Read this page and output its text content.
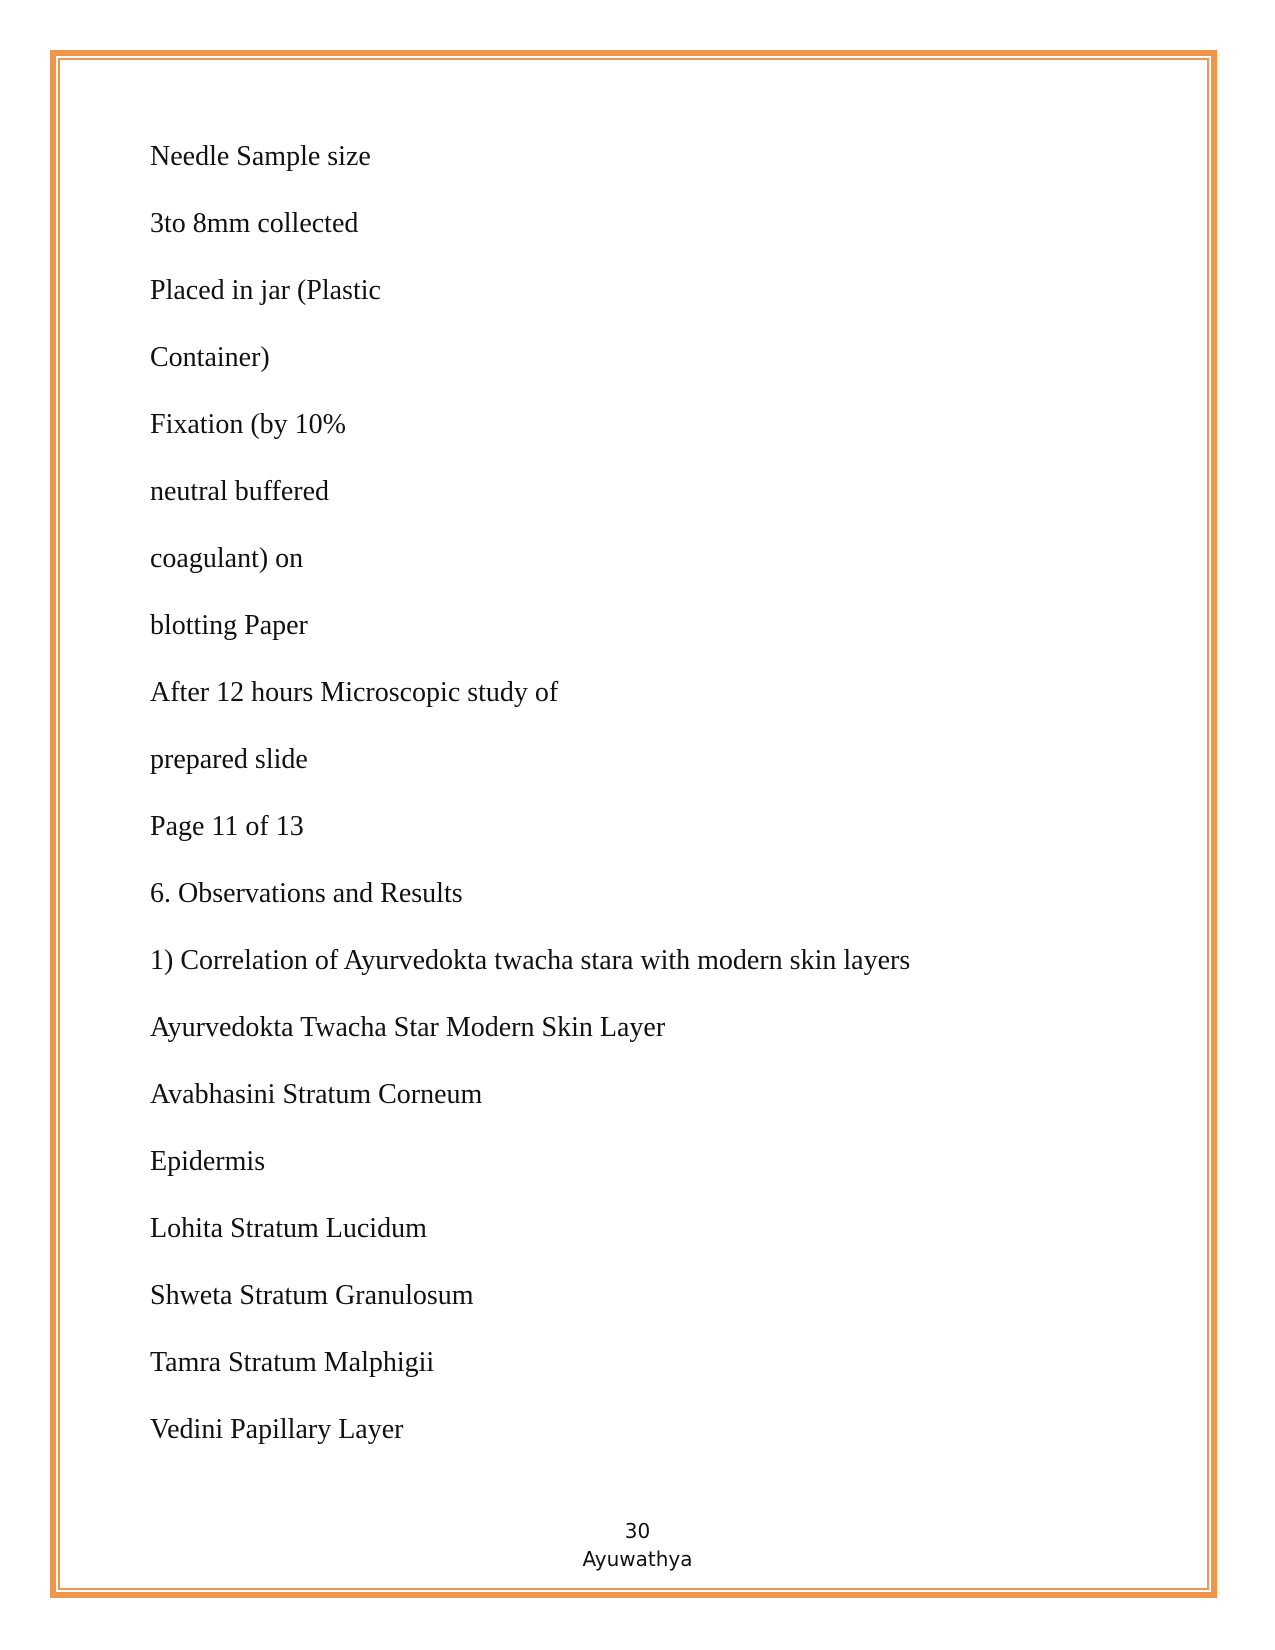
Needle Sample size
3to 8mm collected
Placed in jar (Plastic
Container)
Fixation (by 10%
neutral buffered
coagulant) on
blotting Paper
After 12 hours Microscopic study of
prepared slide
Page 11 of 13
6. Observations and Results
1) Correlation of Ayurvedokta twacha stara with modern skin layers
Ayurvedokta Twacha Star Modern Skin Layer
Avabhasini Stratum Corneum
Epidermis
Lohita Stratum Lucidum
Shweta Stratum Granulosum
Tamra Stratum Malphigii
Vedini Papillary Layer
30
Ayuwathya
